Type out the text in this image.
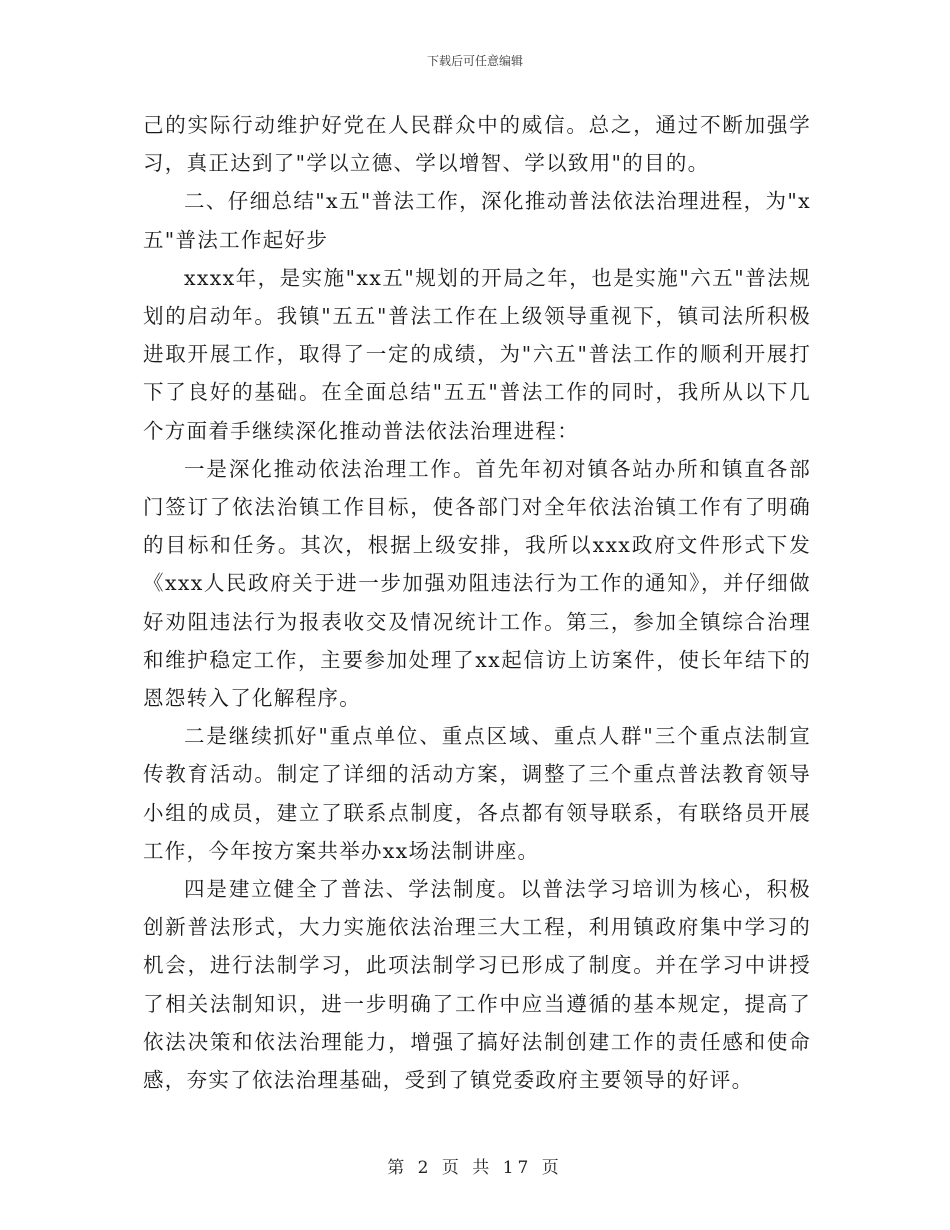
下载后可任意编辑

己的实际行动维护好党在人民群众中的威信。总之，通过不断加强学习，真正达到了"学以立德、学以增智、学以致用"的目的。

二、仔细总结"x五"普法工作，深化推动普法依法治理进程，为"x五"普法工作起好步

xxxx年，是实施"xx五"规划的开局之年，也是实施"六五"普法规划的启动年。我镇"五五"普法工作在上级领导重视下，镇司法所积极进取开展工作，取得了一定的成绩，为"六五"普法工作的顺利开展打下了良好的基础。在全面总结"五五"普法工作的同时，我所从以下几个方面着手继续深化推动普法依法治理进程：

一是深化推动依法治理工作。首先年初对镇各站办所和镇直各部门签订了依法治镇工作目标，使各部门对全年依法治镇工作有了明确的目标和任务。其次，根据上级安排，我所以xxx政府文件形式下发《xxx人民政府关于进一步加强劝阻违法行为工作的通知》，并仔细做好劝阻违法行为报表收交及情况统计工作。第三，参加全镇综合治理和维护稳定工作，主要参加处理了xx起信访上访案件，使长年结下的恩怨转入了化解程序。

二是继续抓好"重点单位、重点区域、重点人群"三个重点法制宣传教育活动。制定了详细的活动方案，调整了三个重点普法教育领导小组的成员，建立了联系点制度，各点都有领导联系，有联络员开展工作，今年按方案共举办xx场法制讲座。

四是建立健全了普法、学法制度。以普法学习培训为核心，积极创新普法形式，大力实施依法治理三大工程，利用镇政府集中学习的机会，进行法制学习，此项法制学习已形成了制度。并在学习中讲授了相关法制知识，进一步明确了工作中应当遵循的基本规定，提高了依法决策和依法治理能力，增强了搞好法制创建工作的责任感和使命感，夯实了依法治理基础，受到了镇党委政府主要领导的好评。

第 2 页 共 17 页
